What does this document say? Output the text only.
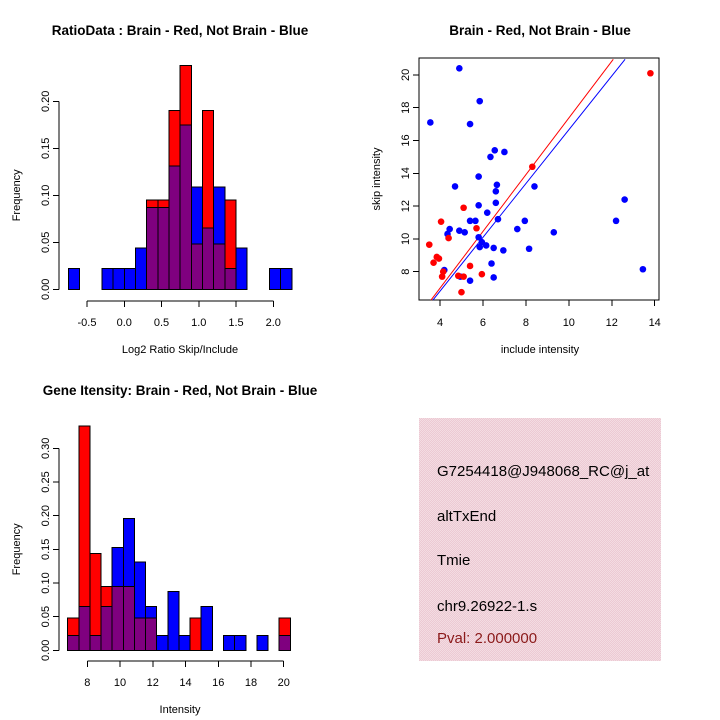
RatioData : Brain - Red, Not Brain - Blue
Log2 Ratio Skip/Include
-0.5 0.0 0.5 1.0 1.5 2.0
0.00
0.05
0.10
0.15
0.20
Frequency
Brain - Red, Not Brain - Blue
include intensity
4	6	8	10	12	14
8
10
12
14
16
18
20
skip intensity
Gene Itensity: Brain - Red, Not Brain - Blue
Intensity
8 10 12 14 16 18 20
0.00
0.05
0.10
0.15
0.20
0.25
0.30
Frequency
G7254418@J948068_RC@j_at
altTxEnd
Tmie
chr9.26922-1.s
Pval: 2.000000
